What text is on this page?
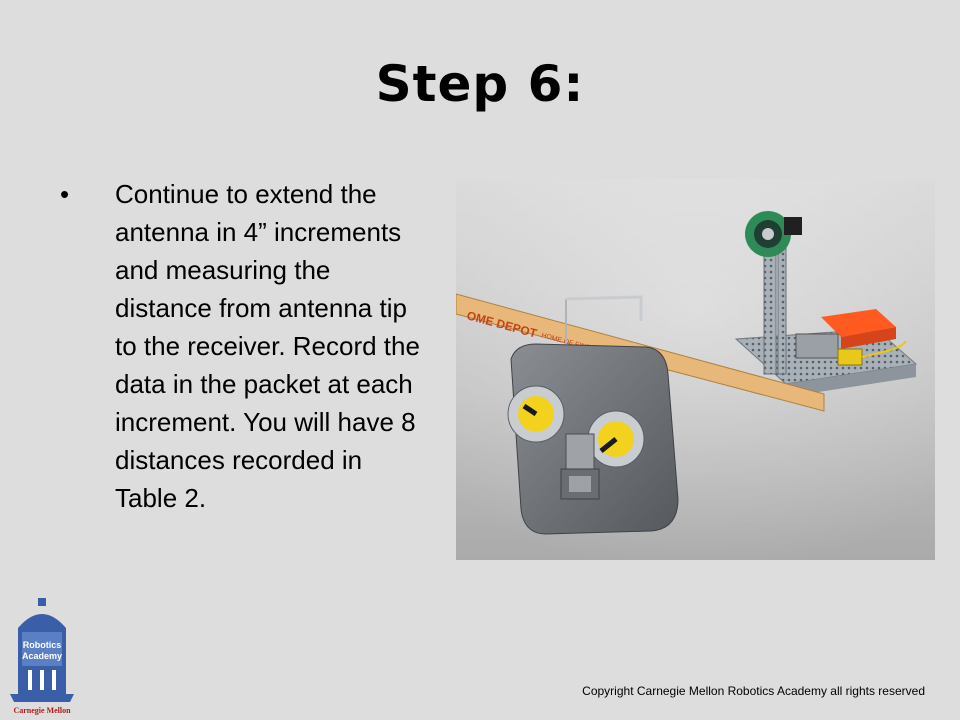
Step 6:
•	Continue to extend the antenna in 4” increments and measuring the distance from antenna tip to the receiver. Record the data in the packet at each increment. You will have 8 distances recorded in Table 2.
OME DEPOT
Robotics
Academy
Carnegie Mellon
Copyright Carnegie Mellon Robotics Academy all rights reserved
